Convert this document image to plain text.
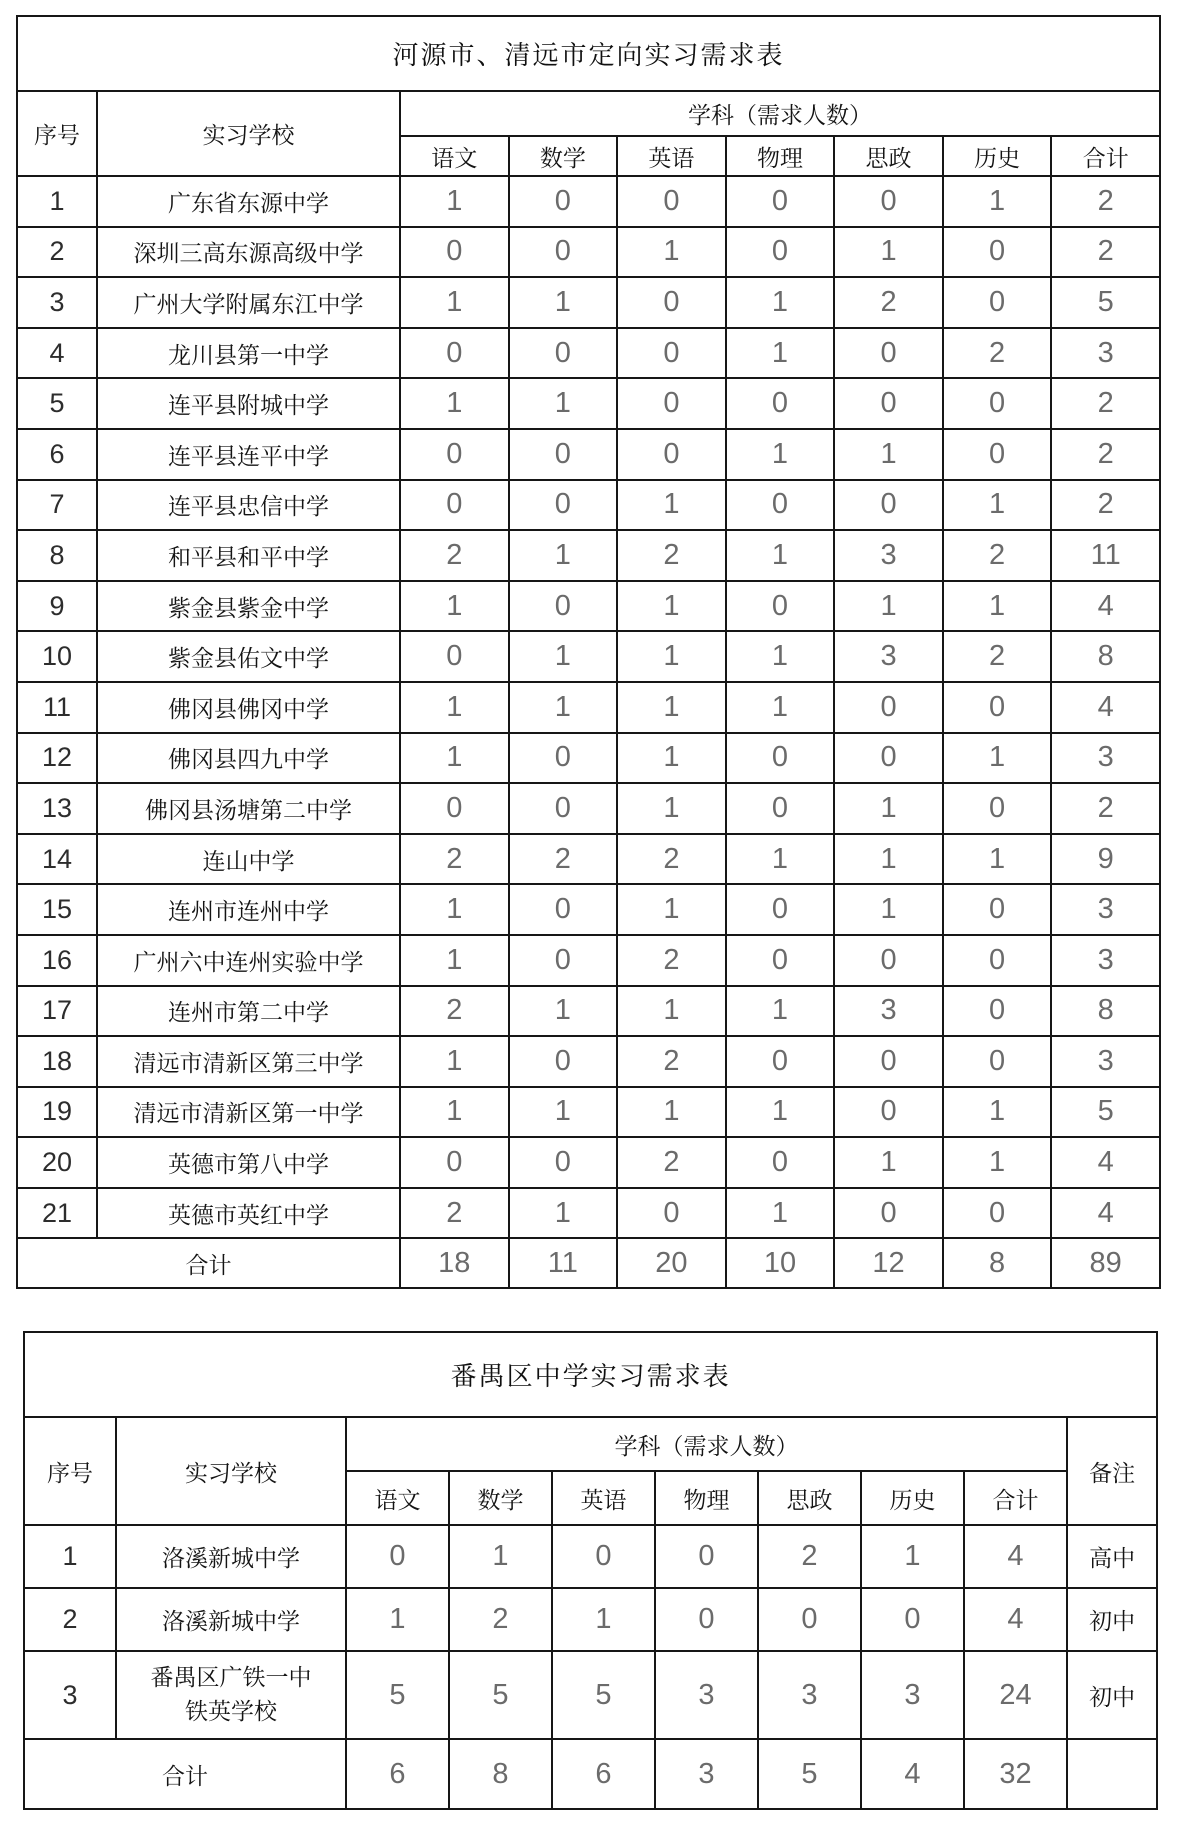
河源市、清远市定向实习需求表								
序号	实习学校	学科（需求人数）						
		语文	数学	英语	物理	思政	历史	合计
1	广东省东源中学	1	0	0	0	0	1	2
2	深圳三高东源高级中学	0	0	1	0	1	0	2
3	广州大学附属东江中学	1	1	0	1	2	0	5
4	龙川县第一中学	0	0	0	1	0	2	3
5	连平县附城中学	1	1	0	0	0	0	2
6	连平县连平中学	0	0	0	1	1	0	2
7	连平县忠信中学	0	0	1	0	0	1	2
8	和平县和平中学	2	1	2	1	3	2	11
9	紫金县紫金中学	1	0	1	0	1	1	4
10	紫金县佑文中学	0	1	1	1	3	2	8
11	佛冈县佛冈中学	1	1	1	1	0	0	4
12	佛冈县四九中学	1	0	1	0	0	1	3
13	佛冈县汤塘第二中学	0	0	1	0	1	0	2
14	连山中学	2	2	2	1	1	1	9
15	连州市连州中学	1	0	1	0	1	0	3
16	广州六中连州实验中学	1	0	2	0	0	0	3
17	连州市第二中学	2	1	1	1	3	0	8
18	清远市清新区第三中学	1	0	2	0	0	0	3
19	清远市清新区第一中学	1	1	1	1	0	1	5
20	英德市第八中学	0	0	2	0	1	1	4
21	英德市英红中学	2	1	0	1	0	0	4
合计		18	11	20	10	12	8	89
番禺区中学实习需求表									
序号	实习学校	学科（需求人数）							备注
		语文	数学	英语	物理	思政	历史	合计	
1	洛溪新城中学	0	1	0	0	2	1	4	高中
2	洛溪新城中学	1	2	1	0	0	0	4	初中
3	番禺区广铁一中铁英学校	5	5	5	3	3	3	24	初中
合计		6	8	6	3	5	4	32	
